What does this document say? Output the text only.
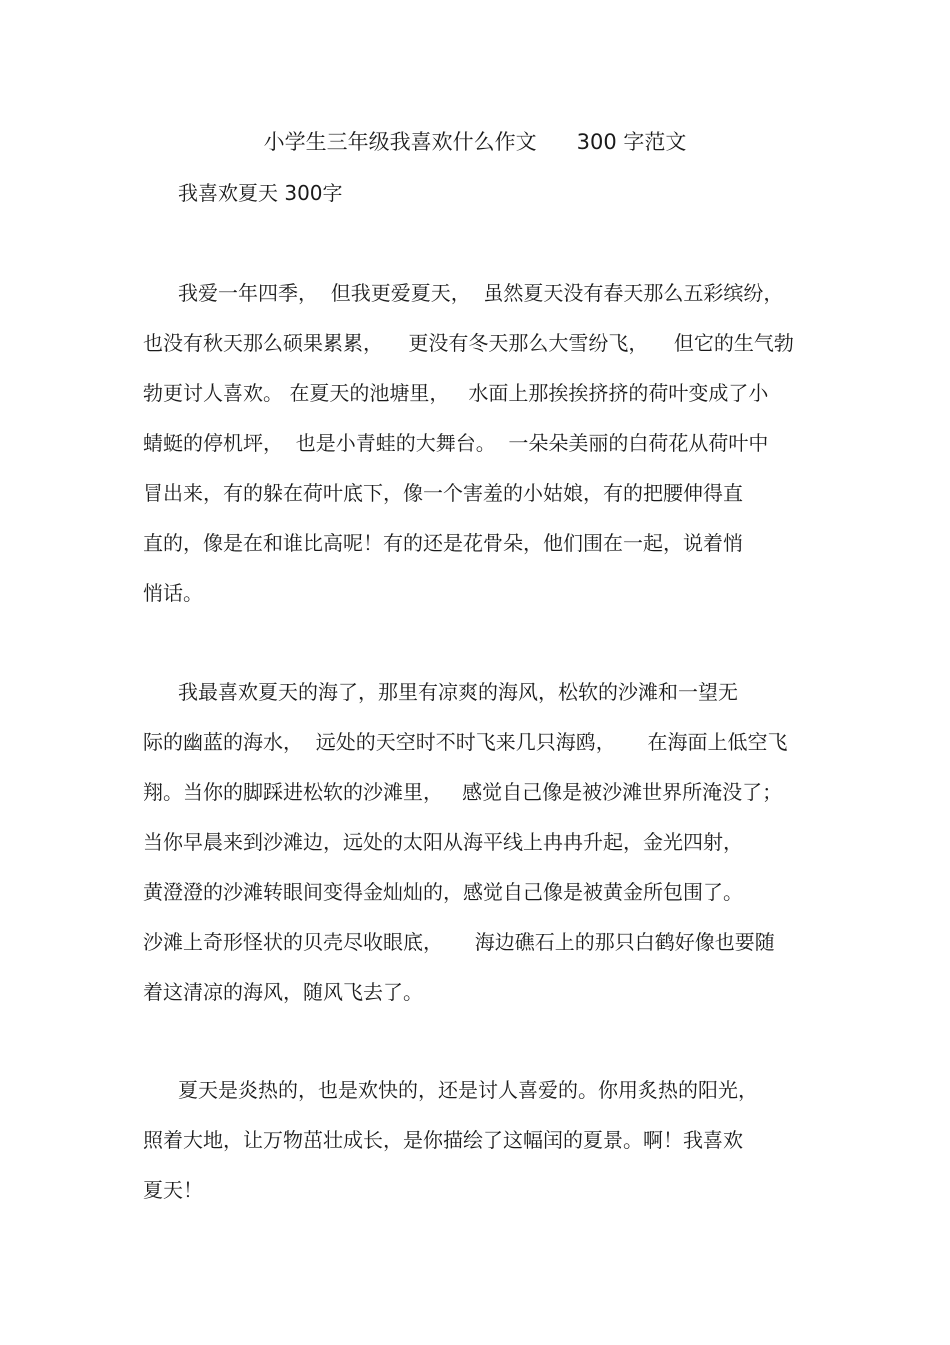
小学生三年级我喜欢什么作文 300 字范文
我喜欢夏天 300字
我爱一年四季，  但我更爱夏天，  虽然夏天没有春天那么五彩缤纷，
也没有秋天那么硕果累累，    更没有冬天那么大雪纷飞，    但它的生气勃
勃更讨人喜欢。 在夏天的池塘里，   水面上那挨挨挤挤的荷叶变成了小
蜻蜓的停机坪，  也是小青蛙的大舞台。  一朵朵美丽的白荷花从荷叶中
冒出来，有的躲在荷叶底下，像一个害羞的小姑娘，有的把腰伸得直
直的，像是在和谁比高呢！有的还是花骨朵，他们围在一起，说着悄
悄话。
我最喜欢夏天的海了，那里有凉爽的海风，松软的沙滩和一望无
际的幽蓝的海水，  远处的天空时不时飞来几只海鸥，     在海面上低空飞
翔。当你的脚踩进松软的沙滩里，   感觉自己像是被沙滩世界所淹没了；
当你早晨来到沙滩边，远处的太阳从海平线上冉冉升起，金光四射，
黄澄澄的沙滩转眼间变得金灿灿的，感觉自己像是被黄金所包围了。
沙滩上奇形怪状的贝壳尽收眼底，     海边礁石上的那只白鹤好像也要随
着这清凉的海风，随风飞去了。
夏天是炎热的，也是欢快的，还是讨人喜爱的。你用炙热的阳光，
照着大地，让万物茁壮成长，是你描绘了这幅闰的夏景。啊！我喜欢
夏天！
